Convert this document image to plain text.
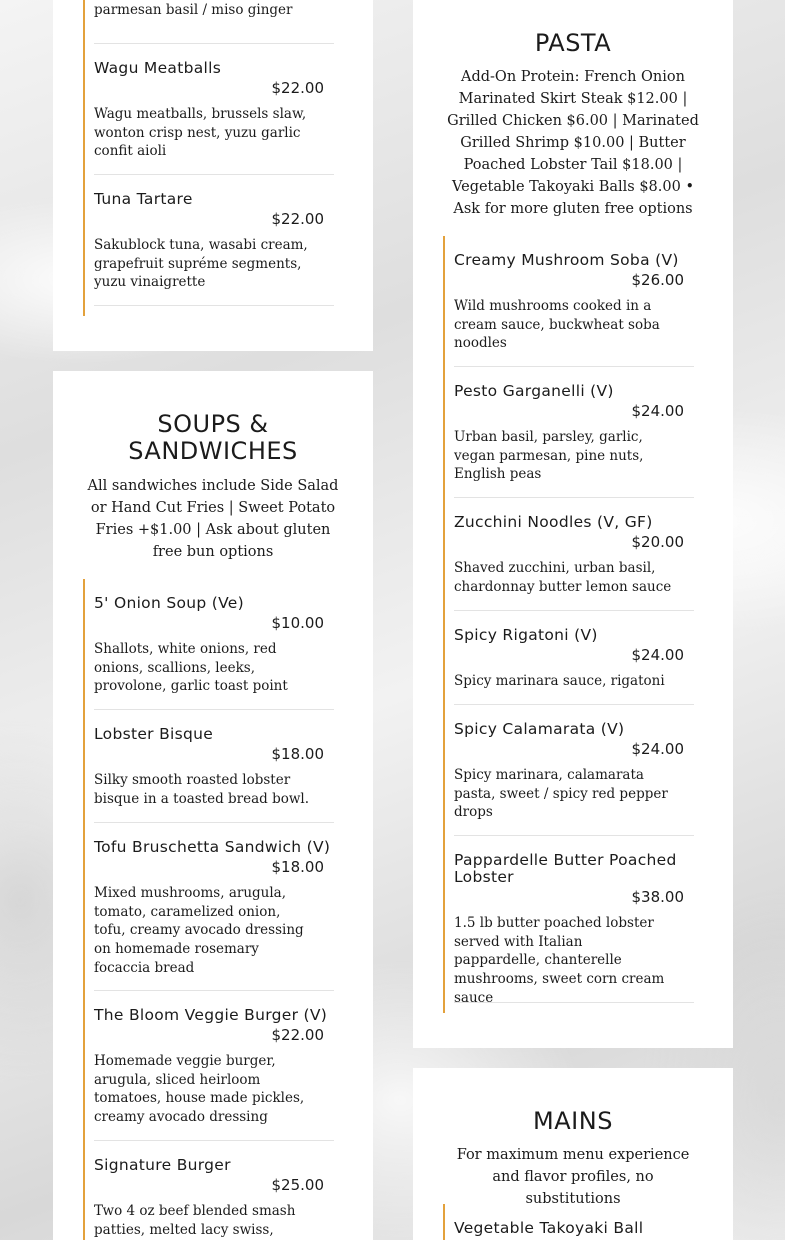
parmesan basil / miso ginger
Wagu Meatballs
$22.00
Wagu meatballs, brussels slaw, wonton crisp nest, yuzu garlic confit aioli
Tuna Tartare
$22.00
Sakublock tuna, wasabi cream, grapefruit supréme segments, yuzu vinaigrette
SOUPS & SANDWICHES
All sandwiches include Side Salad or Hand Cut Fries | Sweet Potato Fries +$1.00 | Ask about gluten free bun options
5' Onion Soup (Ve)
$10.00
Shallots, white onions, red onions, scallions, leeks, provolone, garlic toast point
Lobster Bisque
$18.00
Silky smooth roasted lobster bisque in a toasted bread bowl.
Tofu Bruschetta Sandwich (V)
$18.00
Mixed mushrooms, arugula, tomato, caramelized onion, tofu, creamy avocado dressing on homemade rosemary focaccia bread
The Bloom Veggie Burger (V)
$22.00
Homemade veggie burger, arugula, sliced heirloom tomatoes, house made pickles, creamy avocado dressing
Signature Burger
$25.00
Two 4 oz beef blended smash patties, melted lacy swiss,
PASTA
Add-On Protein: French Onion Marinated Skirt Steak $12.00 | Grilled Chicken $6.00 | Marinated Grilled Shrimp $10.00 | Butter Poached Lobster Tail $18.00 | Vegetable Takoyaki Balls $8.00 • Ask for more gluten free options
Creamy Mushroom Soba (V)
$26.00
Wild mushrooms cooked in a cream sauce, buckwheat soba noodles
Pesto Garganelli (V)
$24.00
Urban basil, parsley, garlic, vegan parmesan, pine nuts, English peas
Zucchini Noodles (V, GF)
$20.00
Shaved zucchini, urban basil, chardonnay butter lemon sauce
Spicy Rigatoni (V)
$24.00
Spicy marinara sauce, rigatoni
Spicy Calamarata (V)
$24.00
Spicy marinara, calamarata pasta, sweet / spicy red pepper drops
Pappardelle Butter Poached Lobster
$38.00
1.5 lb butter poached lobster served with Italian pappardelle, chanterelle mushrooms, sweet corn cream sauce
MAINS
For maximum menu experience and flavor profiles, no substitutions
Vegetable Takoyaki Ball
